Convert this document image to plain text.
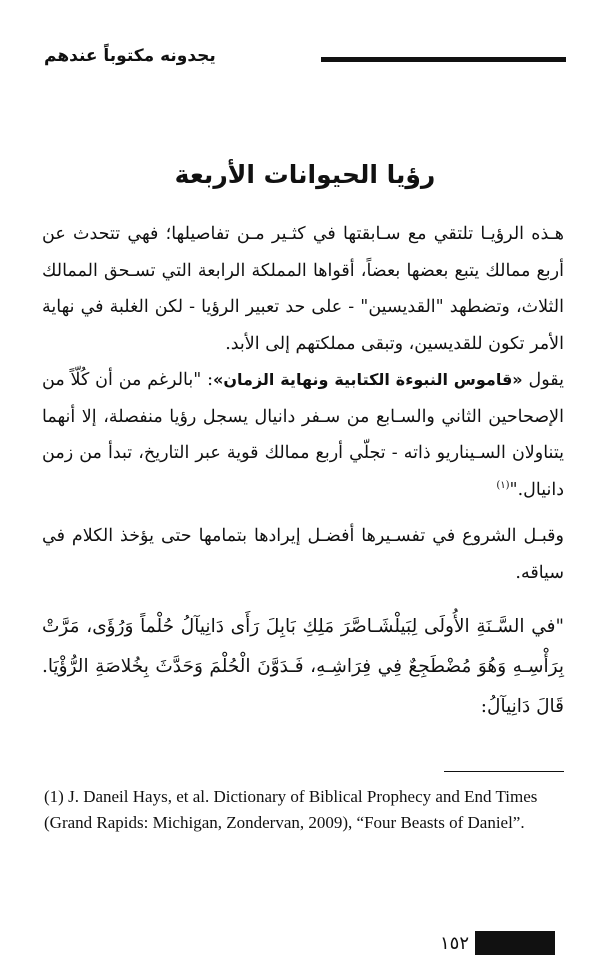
يجدونه مكتوباً عندهم
رؤيا الحيوانات الأربعة

هـذه الرؤيـا تلتقي مع سـابقتها في كثـير مـن تفاصيلها؛ فهي تتحدث عن أربع ممالك يتبع بعضها بعضاً، أقواها المملكة الرابعة التي تسـحق الممالك الثلاث، وتضطهد "القديسين" - على حد تعبير الرؤيا - لكن الغلبة في نهاية الأمر تكون للقديسين، وتبقى مملكتهم إلى الأبد.

يقول «قاموس النبوءة الكتابية ونهاية الزمان»: "بالرغم من أن كُلّاً من الإصحاحين الثاني والسـابع من سـفر دانيال يسجل رؤيا منفصلة، إلا أنهما يتناولان السـيناريو ذاته - تجلّي أربع ممالك قوية عبر التاريخ، تبدأ من زمن دانيال."$^{(١)}$

وقبـل الشروع في تفسـيرها أفضـل إيرادها بتمامها حتى يؤخذ الكلام في سياقه.

"في السَّـنَةِ الأُولَى لِبَيلْشَـاصَّرَ مَلِكِ بَابِلَ رَأَى دَانِيآلُ حُلْماً وَرُؤَى، مَرَّتْ بِرَأْسِـهِ وَهُوَ مُضْطَجِعٌ فِي فِرَاشِـهِ، فَـدَوَّنَ الْحُلْمَ وَحَدَّثَ بِخُلاصَةِ الرُّؤْيَا. قَالَ دَانِيآلُ:

(1) J. Daneil Hays, et al. Dictionary of Biblical Prophecy and End Times (Grand Rapids: Michigan, Zondervan, 2009), “Four Beasts of Daniel”.
١٥٢
